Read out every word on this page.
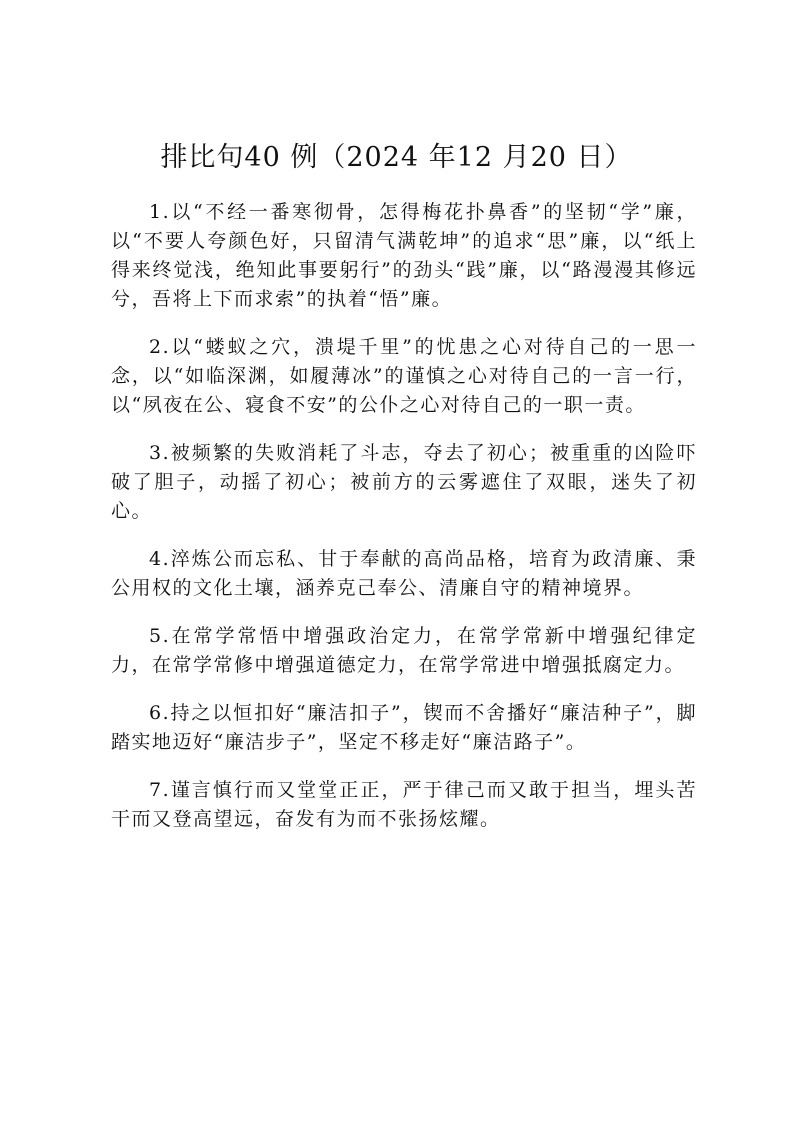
排比句40 例（2024 年12 月20 日）

1.以“不经一番寒彻骨，怎得梅花扑鼻香”的坚韧“学”廉，以“不要人夸颜色好，只留清气满乾坤”的追求“思”廉，以“纸上得来终觉浅，绝知此事要躬行”的劲头“践”廉，以“路漫漫其修远兮，吾将上下而求索”的执着“悟”廉。

2.以“蝼蚁之穴，溃堤千里”的忧患之心对待自己的一思一念，以“如临深渊，如履薄冰”的谨慎之心对待自己的一言一行，以“夙夜在公、寝食不安”的公仆之心对待自己的一职一责。

3.被频繁的失败消耗了斗志，夺去了初心；被重重的凶险吓破了胆子，动摇了初心；被前方的云雾遮住了双眼，迷失了初心。

4.淬炼公而忘私、甘于奉献的高尚品格，培育为政清廉、秉公用权的文化土壤，涵养克己奉公、清廉自守的精神境界。

5.在常学常悟中增强政治定力，在常学常新中增强纪律定力，在常学常修中增强道德定力，在常学常进中增强抵腐定力。

6.持之以恒扣好“廉洁扣子”，锲而不舍播好“廉洁种子”，脚踏实地迈好“廉洁步子”，坚定不移走好“廉洁路子”。

7.谨言慎行而又堂堂正正，严于律己而又敢于担当，埋头苦干而又登高望远，奋发有为而不张扬炫耀。
